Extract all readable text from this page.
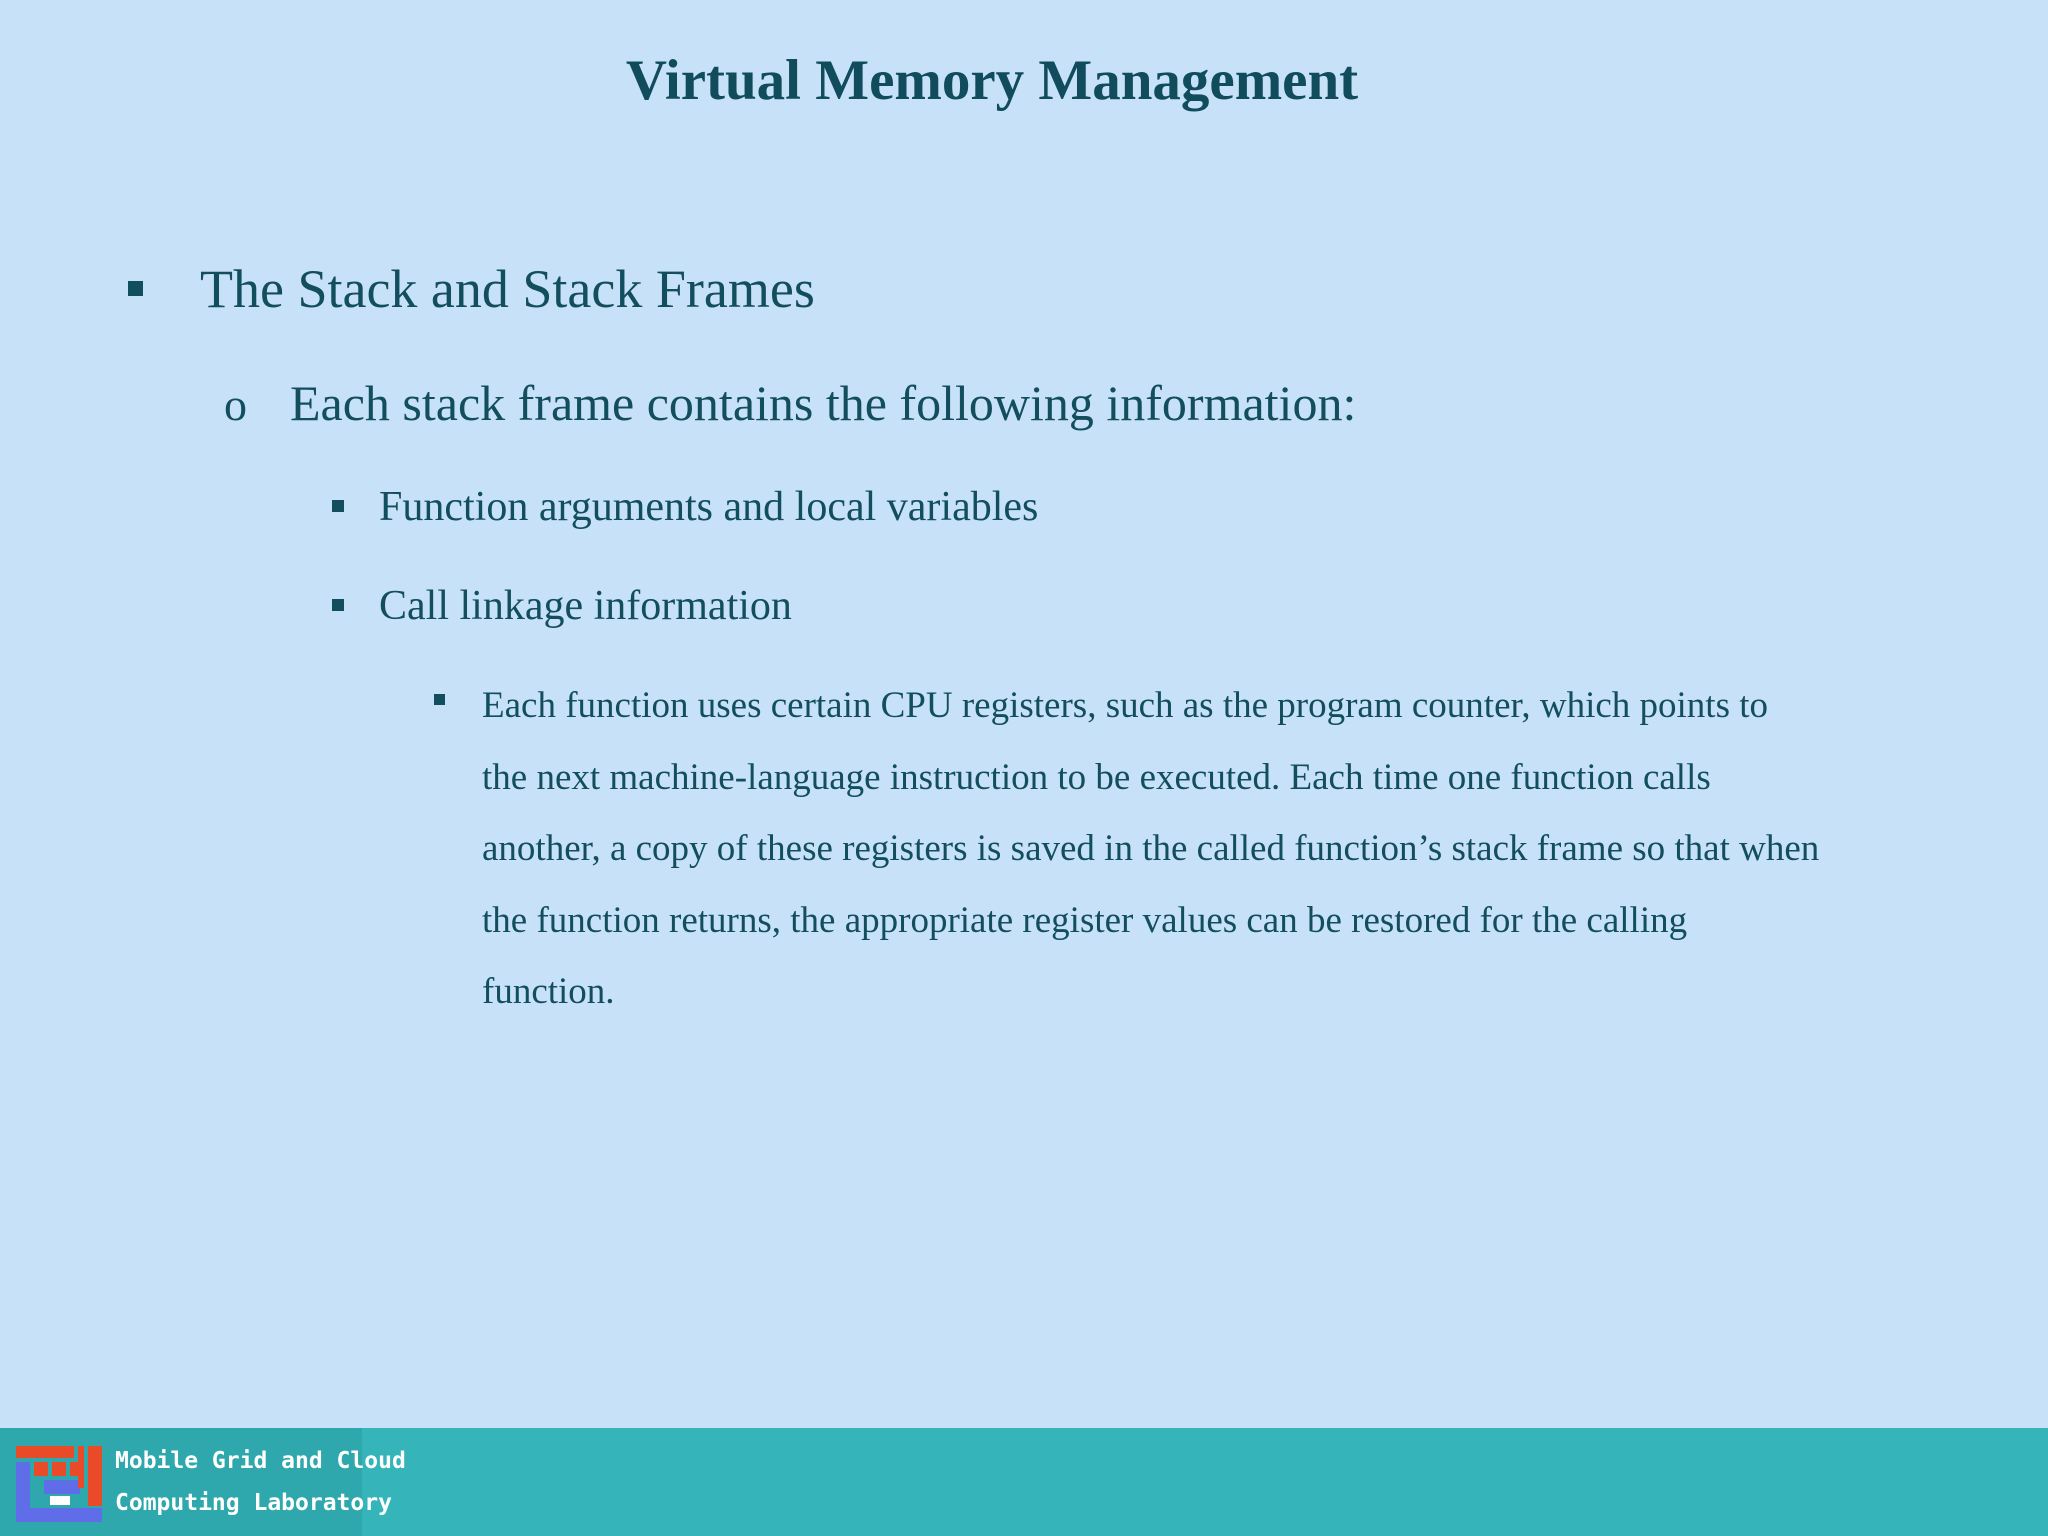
Virtual Memory Management
The Stack and Stack Frames
o Each stack frame contains the following information:
Function arguments and local variables
Call linkage information
Each function uses certain CPU registers, such as the program counter, which points to
the next machine-language instruction to be executed. Each time one function calls
another, a copy of these registers is saved in the called function’s stack frame so that when
the function returns, the appropriate register values can be restored for the calling
function.
Mobile Grid and Cloud
Computing Laboratory
